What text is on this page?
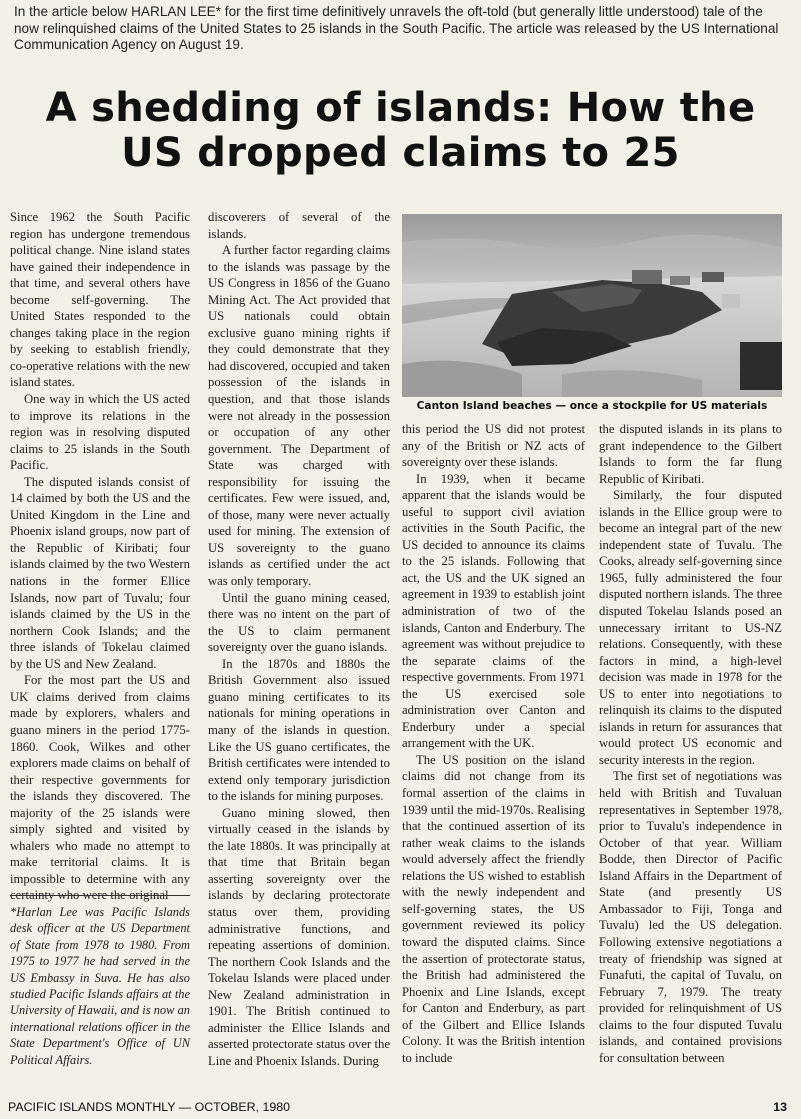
In the article below HARLAN LEE* for the first time definitively unravels the oft-told (but generally little understood) tale of the now relinquished claims of the United States to 25 islands in the South Pacific. The article was released by the US International Communication Agency on August 19.
A shedding of islands: How the
US dropped claims to 25

Since 1962 the South Pacific region has undergone tremendous political change. Nine island states have gained their independence in that time, and several others have become self-governing. The United States responded to the changes taking place in the region by seeking to establish friendly, co-operative relations with the new island states.

One way in which the US acted to improve its relations in the region was in resolving disputed claims to 25 islands in the South Pacific.

The disputed islands consist of 14 claimed by both the US and the United Kingdom in the Line and Phoenix island groups, now part of the Republic of Kiribati; four islands claimed by the two Western nations in the former Ellice Islands, now part of Tuvalu; four islands claimed by the US in the northern Cook Islands; and the three islands of Tokelau claimed by the US and New Zealand.

For the most part the US and UK claims derived from claims made by explorers, whalers and guano miners in the period 1775-1860. Cook, Wilkes and other explorers made claims on behalf of their respective governments for the islands they discovered. The majority of the 25 islands were simply sighted and visited by whalers who made no attempt to make territorial claims. It is impossible to determine with any certainty who were the original

*Harlan Lee was Pacific Islands desk officer at the US Department of State from 1978 to 1980. From 1975 to 1977 he had served in the US Embassy in Suva. He has also studied Pacific Islands affairs at the University of Hawaii, and is now an international relations officer in the State Department's Office of UN Political Affairs.

discoverers of several of the islands.

A further factor regarding claims to the islands was passage by the US Congress in 1856 of the Guano Mining Act. The Act provided that US nationals could obtain exclusive guano mining rights if they could demonstrate that they had discovered, occupied and taken possession of the islands in question, and that those islands were not already in the possession or occupation of any other government. The Department of State was charged with responsibility for issuing the certificates. Few were issued, and, of those, many were never actually used for mining. The extension of US sovereignty to the guano islands as certified under the act was only temporary.

Until the guano mining ceased, there was no intent on the part of the US to claim permanent sovereignty over the guano islands.

In the 1870s and 1880s the British Government also issued guano mining certificates to its nationals for mining operations in many of the islands in question. Like the US guano certificates, the British certificates were intended to extend only temporary jurisdiction to the islands for mining purposes.

Guano mining slowed, then virtually ceased in the islands by the late 1880s. It was principally at that time that Britain began asserting sovereignty over the islands by declaring protectorate status over them, providing administrative functions, and repeating assertions of dominion. The northern Cook Islands and the Tokelau Islands were placed under New Zealand administration in 1901. The British continued to administer the Ellice Islands and asserted protectorate status over the Line and Phoenix Islands. During

Canton Island beaches — once a stockpile for US materials

this period the US did not protest any of the British or NZ acts of sovereignty over these islands.

In 1939, when it became apparent that the islands would be useful to support civil aviation activities in the South Pacific, the US decided to announce its claims to the 25 islands. Following that act, the US and the UK signed an agreement in 1939 to establish joint administration of two of the islands, Canton and Enderbury. The agreement was without prejudice to the separate claims of the respective governments. From 1971 the US exercised sole administration over Canton and Enderbury under a special arrangement with the UK.

The US position on the island claims did not change from its formal assertion of the claims in 1939 until the mid-1970s. Realising that the continued assertion of its rather weak claims to the islands would adversely affect the friendly relations the US wished to establish with the newly independent and self-governing states, the US government reviewed its policy toward the disputed claims. Since the assertion of protectorate status, the British had administered the Phoenix and Line Islands, except for Canton and Enderbury, as part of the Gilbert and Ellice Islands Colony. It was the British intention to include

the disputed islands in its plans to grant independence to the Gilbert Islands to form the far flung Republic of Kiribati.

Similarly, the four disputed islands in the Ellice group were to become an integral part of the new independent state of Tuvalu. The Cooks, already self-governing since 1965, fully administered the four disputed northern islands. The three disputed Tokelau Islands posed an unnecessary irritant to US-NZ relations. Consequently, with these factors in mind, a high-level decision was made in 1978 for the US to enter into negotiations to relinquish its claims to the disputed islands in return for assurances that would protect US economic and security interests in the region.

The first set of negotiations was held with British and Tuvaluan representatives in September 1978, prior to Tuvalu's independence in October of that year. William Bodde, then Director of Pacific Island Affairs in the Department of State (and presently US Ambassador to Fiji, Tonga and Tuvalu) led the US delegation. Following extensive negotiations a treaty of friendship was signed at Funafuti, the capital of Tuvalu, on February 7, 1979. The treaty provided for relinquishment of US claims to the four disputed Tuvalu islands, and contained provisions for consultation between

PACIFIC ISLANDS MONTHLY — OCTOBER, 1980	13
